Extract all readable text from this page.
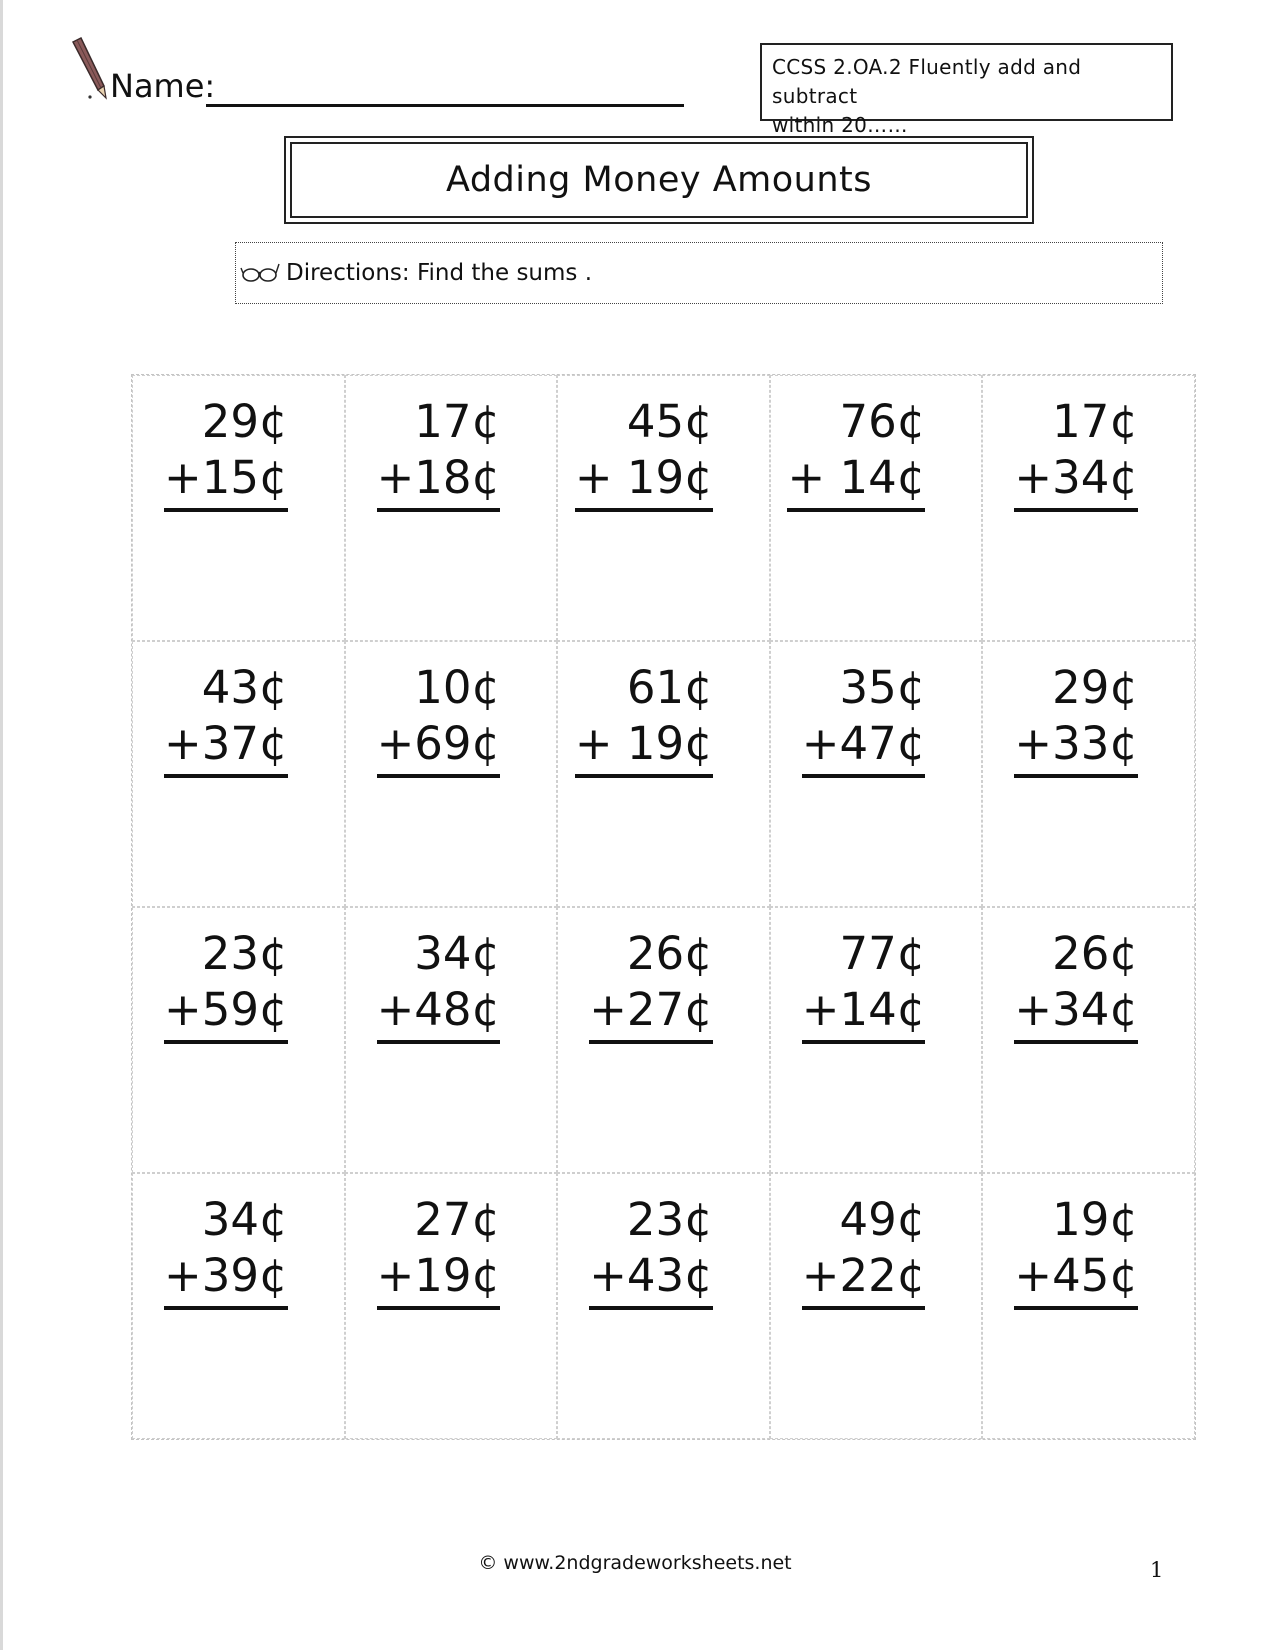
Name:	CCSS 2.OA.2 Fluently add and subtract
within 20……
Adding Money Amounts
Directions: Find the sums .
29¢
+15¢
17¢
+18¢
45¢
+ 19¢
76¢
+ 14¢
17¢
+34¢
43¢
+37¢
10¢
+69¢
61¢
+ 19¢
35¢
+47¢
29¢
+33¢
23¢
+59¢
34¢
+48¢
26¢
+27¢
77¢
+14¢
26¢
+34¢
34¢
+39¢
27¢
+19¢
23¢
+43¢
49¢
+22¢
19¢
+45¢
© www.2ndgradeworksheets.net	1
